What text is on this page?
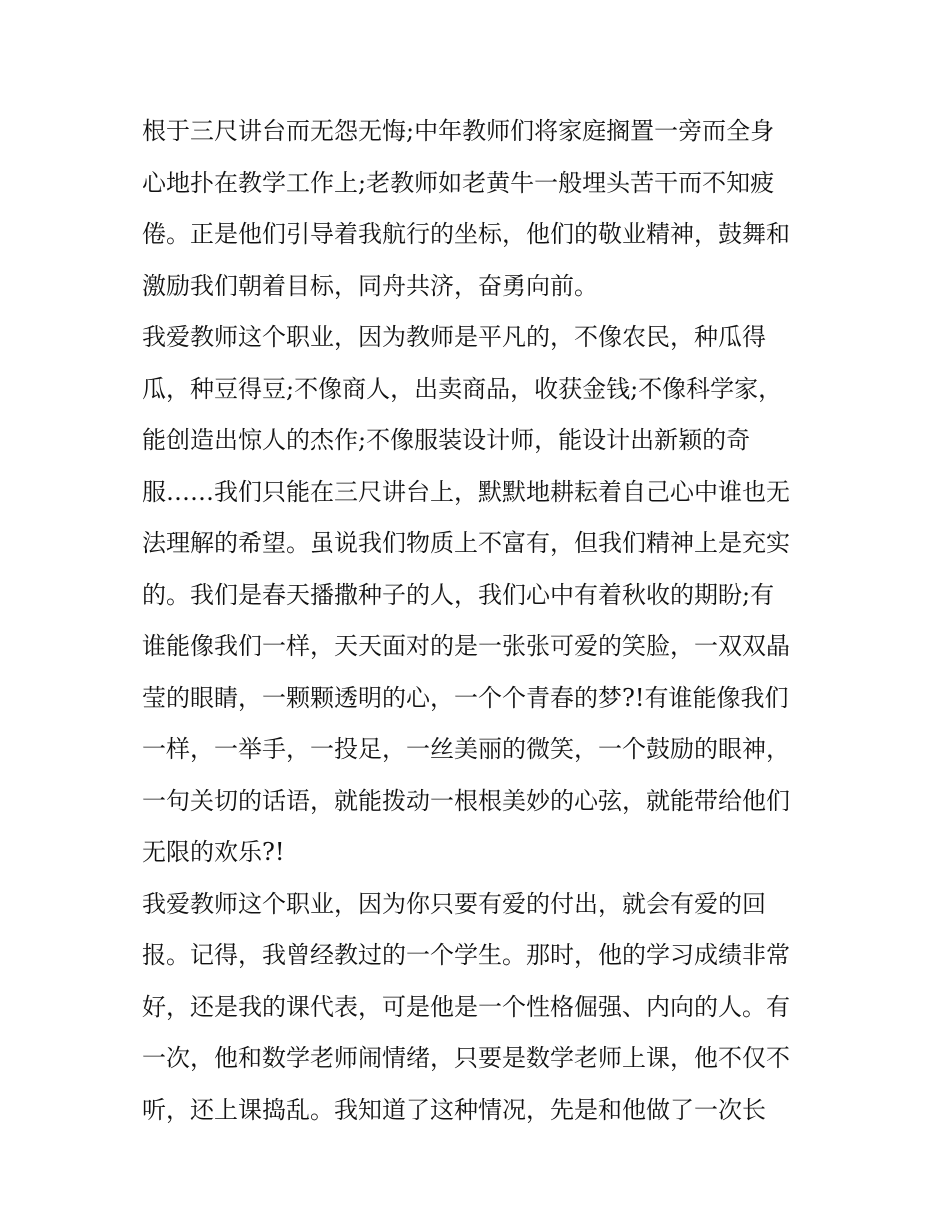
根于三尺讲台而无怨无悔;中年教师们将家庭搁置一旁而全身
心地扑在教学工作上;老教师如老黄牛一般埋头苦干而不知疲
倦。正是他们引导着我航行的坐标，他们的敬业精神，鼓舞和
激励我们朝着目标，同舟共济，奋勇向前。
我爱教师这个职业，因为教师是平凡的，不像农民，种瓜得
瓜，种豆得豆;不像商人，出卖商品，收获金钱;不像科学家，
能创造出惊人的杰作;不像服装设计师，能设计出新颖的奇
服……我们只能在三尺讲台上，默默地耕耘着自己心中谁也无
法理解的希望。虽说我们物质上不富有，但我们精神上是充实
的。我们是春天播撒种子的人，我们心中有着秋收的期盼;有
谁能像我们一样，天天面对的是一张张可爱的笑脸，一双双晶
莹的眼睛，一颗颗透明的心，一个个青春的梦?!有谁能像我们
一样，一举手，一投足，一丝美丽的微笑，一个鼓励的眼神，
一句关切的话语，就能拨动一根根美妙的心弦，就能带给他们
无限的欢乐?!
我爱教师这个职业，因为你只要有爱的付出，就会有爱的回
报。记得，我曾经教过的一个学生。那时，他的学习成绩非常
好，还是我的课代表，可是他是一个性格倔强、内向的人。有
一次，他和数学老师闹情绪，只要是数学老师上课，他不仅不
听，还上课捣乱。我知道了这种情况，先是和他做了一次长
